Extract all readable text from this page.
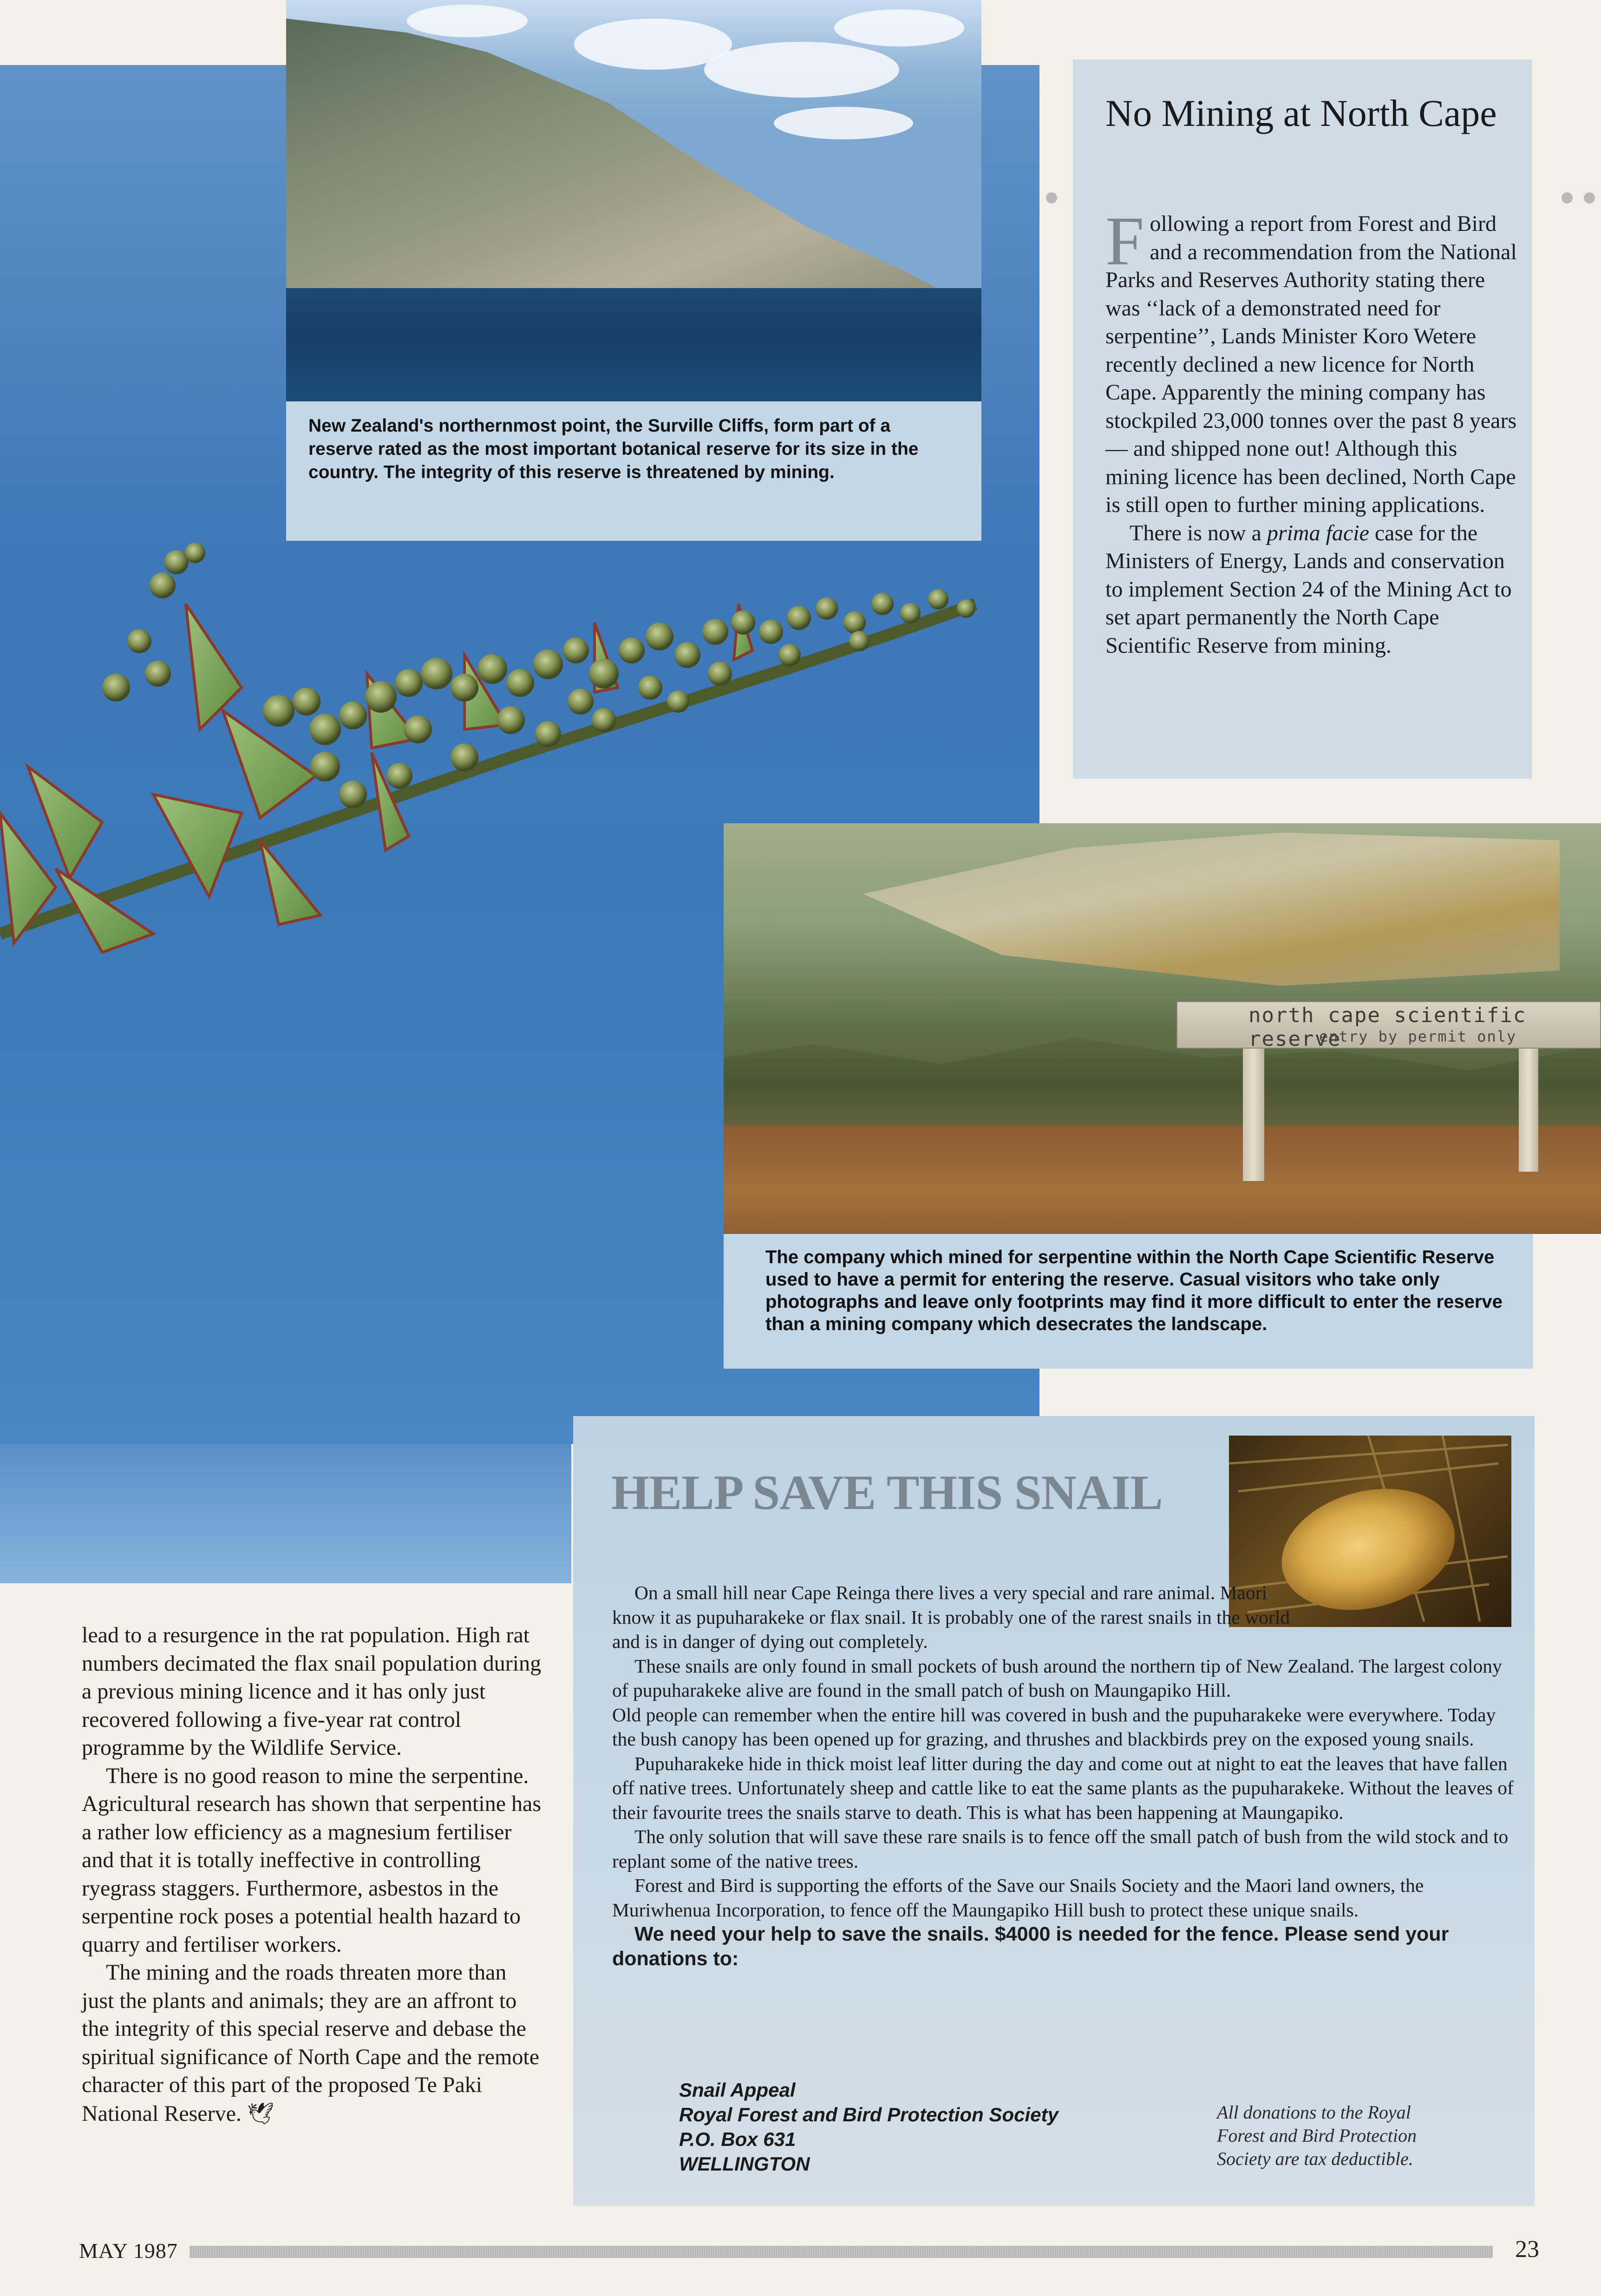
New Zealand's northernmost point, the Surville Cliffs, form part of a reserve rated as the most important botanical reserve for its size in the country. The integrity of this reserve is threatened by mining.
No Mining at North Cape

Following a report from Forest and Bird and a recommendation from the National Parks and Reserves Authority stating there was ‘‘lack of a demonstrated need for serpentine’’, Lands Minister Koro Wetere recently declined a new licence for North Cape. Apparently the mining company has stockpiled 23,000 tonnes over the past 8 years — and shipped none out! Although this mining licence has been declined, North Cape is still open to further mining applications.

There is now a prima facie case for the Ministers of Energy, Lands and conservation to implement Section 24 of the Mining Act to set apart permanently the North Cape Scientific Reserve from mining.

north cape scientific reserve
entry by permit only
The company which mined for serpentine within the North Cape Scientific Reserve used to have a permit for entering the reserve. Casual visitors who take only photographs and leave only footprints may find it more difficult to enter the reserve than a mining company which desecrates the landscape.
HELP SAVE THIS SNAIL

On a small hill near Cape Reinga there lives a very special and rare animal. Maori know it as pupuharakeke or flax snail. It is probably one of the rarest snails in the world and is in danger of dying out completely.

These snails are only found in small pockets of bush around the northern tip of New Zealand. The largest colony of pupuharakeke alive are found in the small patch of bush on Maungapiko Hill.

Old people can remember when the entire hill was covered in bush and the pupuharakeke were everywhere. Today the bush canopy has been opened up for grazing, and thrushes and blackbirds prey on the exposed young snails.

Pupuharakeke hide in thick moist leaf litter during the day and come out at night to eat the leaves that have fallen off native trees. Unfortunately sheep and cattle like to eat the same plants as the pupuharakeke. Without the leaves of their favourite trees the snails starve to death. This is what has been happening at Maungapiko.

The only solution that will save these rare snails is to fence off the small patch of bush from the wild stock and to replant some of the native trees.

Forest and Bird is supporting the efforts of the Save our Snails Society and the Maori land owners, the Muriwhenua Incorporation, to fence off the Maungapiko Hill bush to protect these unique snails.

We need your help to save the snails. $4000 is needed for the fence. Please send your donations to:

Snail Appeal
Royal Forest and Bird Protection Society
P.O. Box 631
WELLINGTON
All donations to the Royal
Forest and Bird Protection
Society are tax deductible.

lead to a resurgence in the rat population. High rat numbers decimated the flax snail population during a previous mining licence and it has only just recovered following a five-year rat control programme by the Wildlife Service.

There is no good reason to mine the serpentine. Agricultural research has shown that serpentine has a rather low efficiency as a magnesium fertiliser and that it is totally ineffective in controlling ryegrass staggers. Furthermore, asbestos in the serpentine rock poses a potential health hazard to quarry and fertiliser workers.

The mining and the roads threaten more than just the plants and animals; they are an affront to the integrity of this special reserve and debase the spiritual significance of North Cape and the remote character of this part of the proposed Te Paki National Reserve. 🕊︎

MAY 1987	23
